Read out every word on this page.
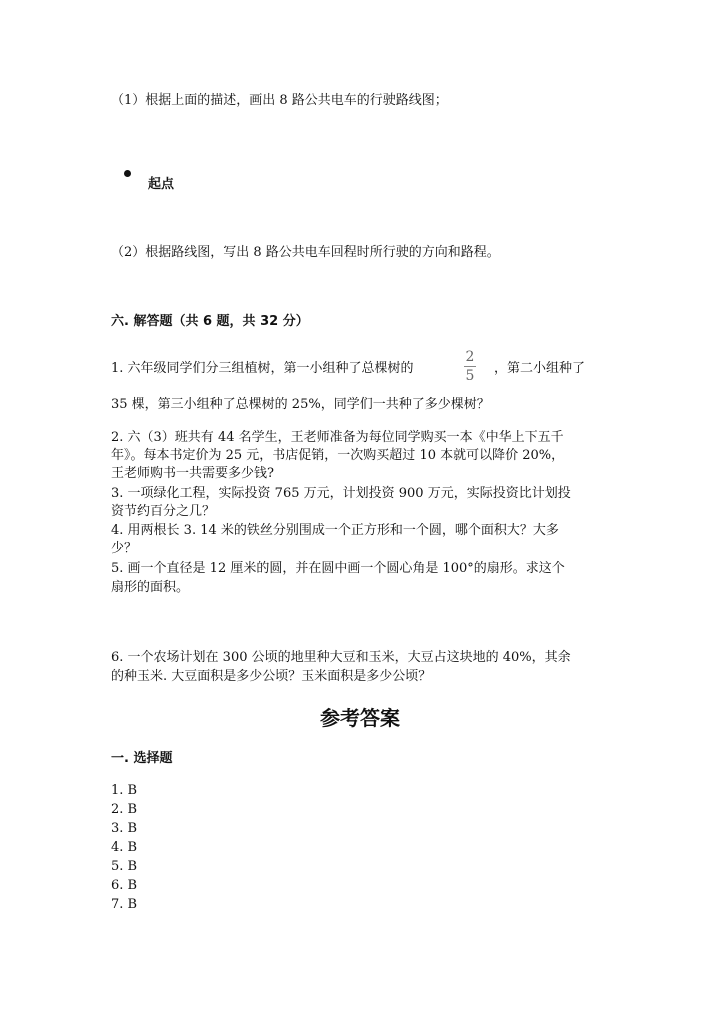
（1）根据上面的描述，画出 8 路公共电车的行驶路线图；
起点
（2）根据路线图，写出 8 路公共电车回程时所行驶的方向和路程。
六. 解答题（共 6 题，共 32 分）
1. 六年级同学们分三组植树，第一小组种了总棵树的
2
5 ，第二小组种了
35 棵，第三小组种了总棵树的 25%，同学们一共种了多少棵树？
2. 六（3）班共有 44 名学生，王老师准备为每位同学购买一本《中华上下五千
年》。每本书定价为 25 元，书店促销，一次购买超过 10 本就可以降价 20%，
王老师购书一共需要多少钱?
3. 一项绿化工程，实际投资 765 万元，计划投资 900 万元，实际投资比计划投
资节约百分之几？
4. 用两根长 3. 14 米的铁丝分别围成一个正方形和一个圆，哪个面积大？大多
少？
5. 画一个直径是 12 厘米的圆，并在圆中画一个圆心角是 100°的扇形。求这个
扇形的面积。
6. 一个农场计划在 300 公顷的地里种大豆和玉米，大豆占这块地的 40%，其余
的种玉米. 大豆面积是多少公顷？玉米面积是多少公顷？
参考答案
一. 选择题
1. B
2. B
3. B
4. B
5. B
6. B
7. B
